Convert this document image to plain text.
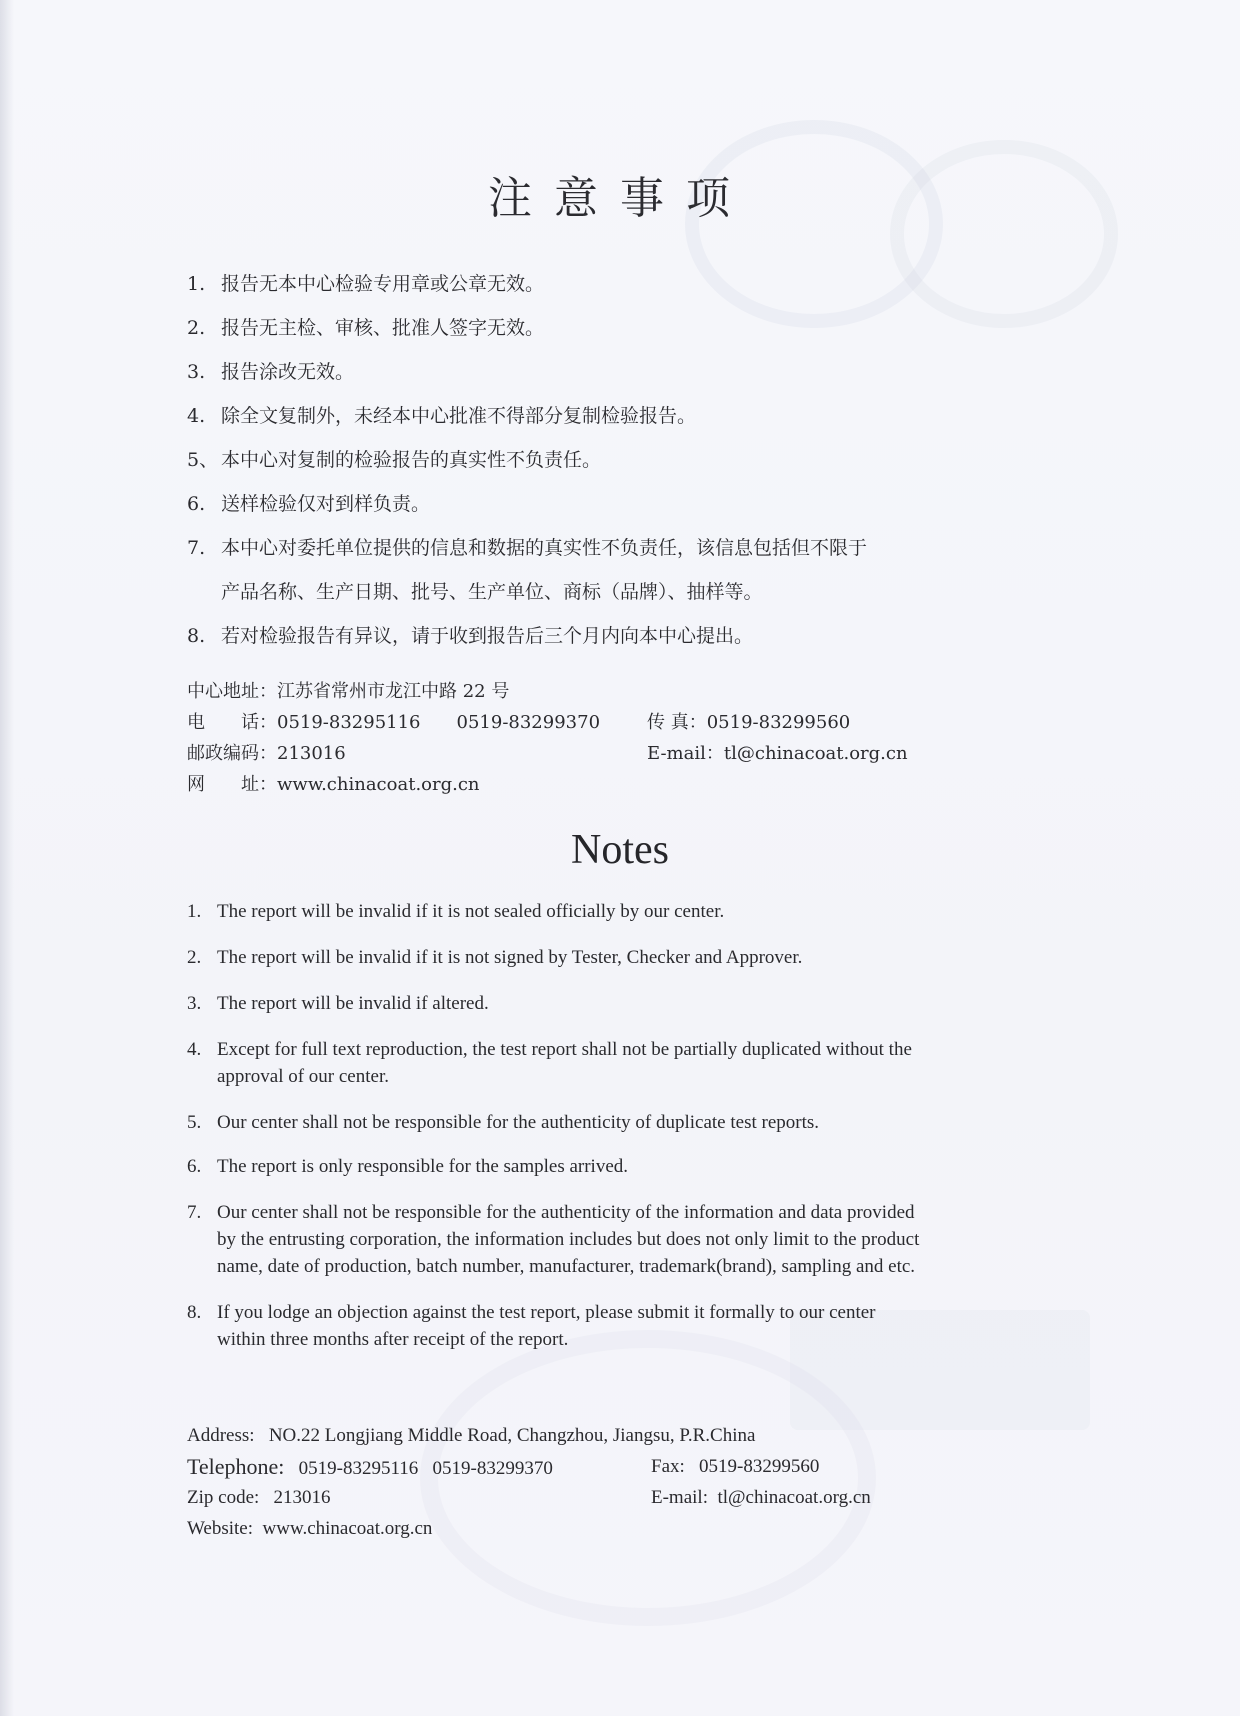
注意事项
1. 报告无本中心检验专用章或公章无效。
2. 报告无主检、审核、批准人签字无效。
3. 报告涂改无效。
4. 除全文复制外，未经本中心批准不得部分复制检验报告。
5、 本中心对复制的检验报告的真实性不负责任。
6. 送样检验仅对到样负责。
7. 本中心对委托单位提供的信息和数据的真实性不负责任，该信息包括但不限于
产品名称、生产日期、批号、生产单位、商标（品牌）、抽样等。
8. 若对检验报告有异议，请于收到报告后三个月内向本中心提出。
中心地址：江苏省常州市龙江中路 22 号
电　　话：0519-83295116　　0519-83299370	传 真：0519-83299560
邮政编码：213016	E-mail：tl@chinacoat.org.cn
网　　址：www.chinacoat.org.cn
Notes
1. The report will be invalid if it is not sealed officially by our center.
2. The report will be invalid if it is not signed by Tester, Checker and Approver.
3. The report will be invalid if altered.
4. Except for full text reproduction, the test report shall not be partially duplicated without the approval of our center.
5. Our center shall not be responsible for the authenticity of duplicate test reports.
6. The report is only responsible for the samples arrived.
7. Our center shall not be responsible for the authenticity of the information and data provided by the entrusting corporation, the information includes but does not only limit to the product name, date of production, batch number, manufacturer, trademark(brand), sampling and etc.
8. If you lodge an objection against the test report, please submit it formally to our center within three months after receipt of the report.
Address: NO.22 Longjiang Middle Road, Changzhou, Jiangsu, P.R.China
Telephone: 0519-83295116   0519-83299370	Fax: 0519-83299560
Zip code: 213016	E-mail: tl@chinacoat.org.cn
Website: www.chinacoat.org.cn
